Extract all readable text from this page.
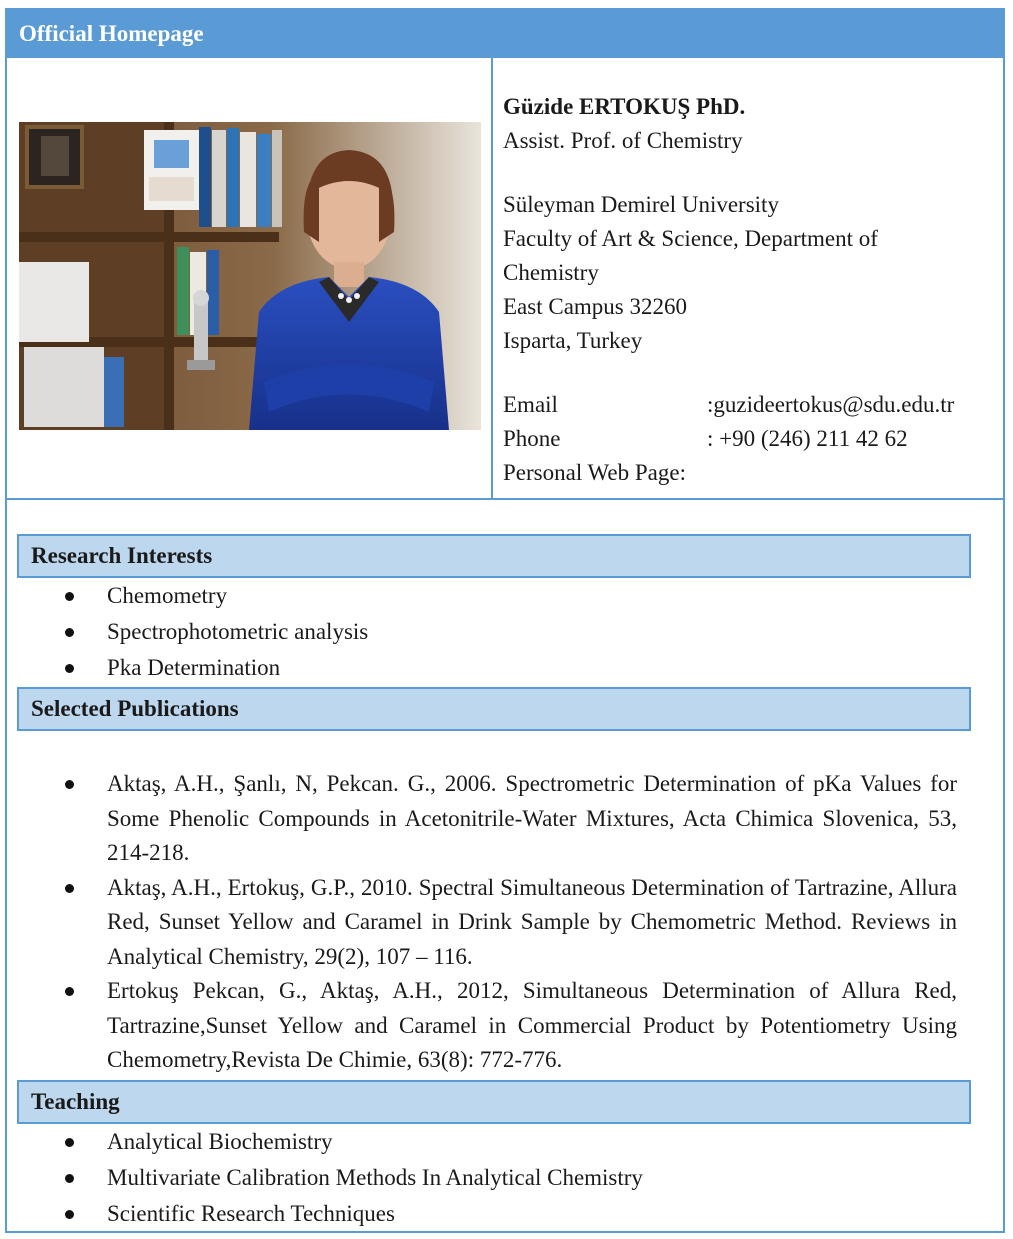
Official Homepage
Güzide ERTOKUŞ PhD.
Assist. Prof. of Chemistry
Süleyman Demirel University
Faculty of Art & Science, Department of
Chemistry
East Campus 32260
Isparta, Turkey
Email	:guzideertokus@sdu.edu.tr
Phone	: +90 (246) 211 42 62
Personal Web Page:
Research Interests
Chemometry
Spectrophotometric analysis
Pka Determination
Selected Publications
Aktaş, A.H., Şanlı, N, Pekcan. G., 2006. Spectrometric Determination of pKa Values for Some Phenolic Compounds in Acetonitrile-Water Mixtures, Acta Chimica Slovenica, 53, 214-218.
Aktaş, A.H., Ertokuş, G.P., 2010. Spectral Simultaneous Determination of Tartrazine, Allura Red, Sunset Yellow and Caramel in Drink Sample by Chemometric Method. Reviews in Analytical Chemistry, 29(2), 107 – 116.
Ertokuş Pekcan, G., Aktaş, A.H., 2012, Simultaneous Determination of Allura Red, Tartrazine,Sunset Yellow and Caramel in Commercial Product by Potentiometry Using Chemometry,Revista De Chimie, 63(8): 772-776.
Teaching
Analytical Biochemistry
Multivariate Calibration Methods In Analytical Chemistry
Scientific Research Techniques
